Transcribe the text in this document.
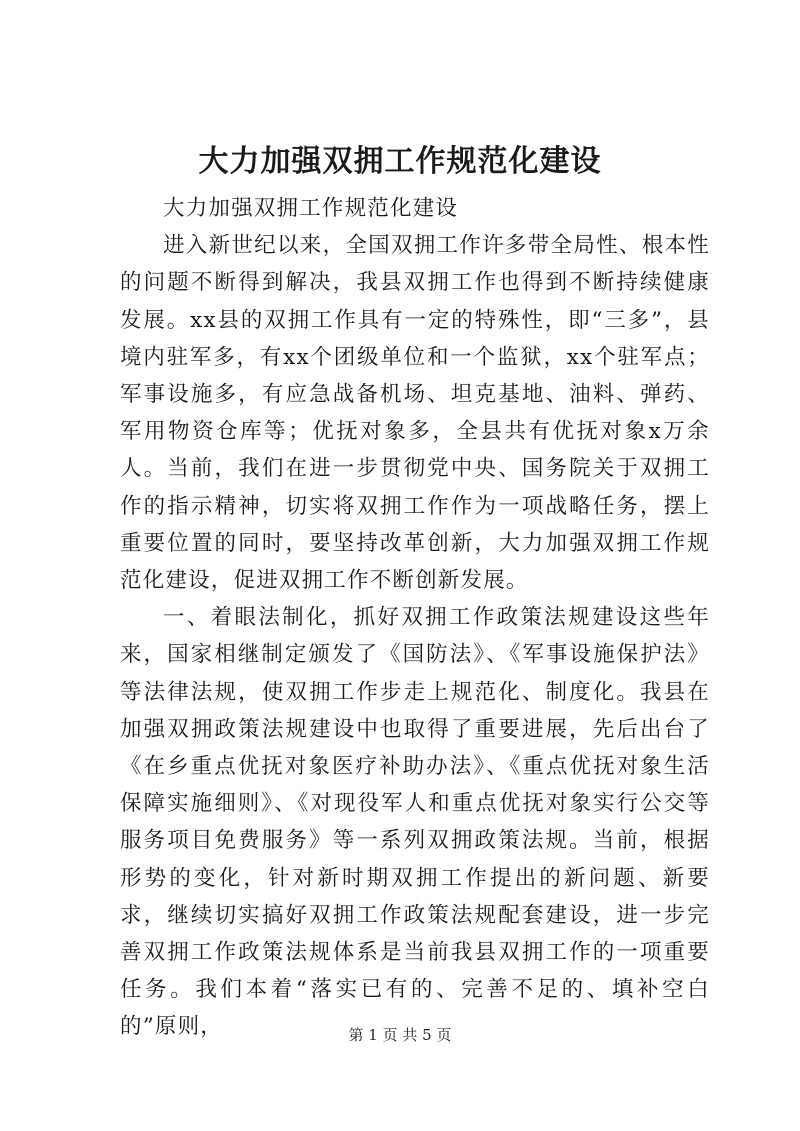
大力加强双拥工作规范化建设

大力加强双拥工作规范化建设

进入新世纪以来，全国双拥工作许多带全局性、根本性的问题不断得到解决，我县双拥工作也得到不断持续健康发展。xx县的双拥工作具有一定的特殊性，即“三多”，县境内驻军多，有xx个团级单位和一个监狱，xx个驻军点；军事设施多，有应急战备机场、坦克基地、油料、弹药、军用物资仓库等；优抚对象多，全县共有优抚对象x万余人。当前，我们在进一步贯彻党中央、国务院关于双拥工作的指示精神，切实将双拥工作作为一项战略任务，摆上重要位置的同时，要坚持改革创新，大力加强双拥工作规范化建设，促进双拥工作不断创新发展。

一、着眼法制化，抓好双拥工作政策法规建设这些年来，国家相继制定颁发了《国防法》、《军事设施保护法》等法律法规，使双拥工作步走上规范化、制度化。我县在加强双拥政策法规建设中也取得了重要进展，先后出台了《在乡重点优抚对象医疗补助办法》、《重点优抚对象生活保障实施细则》、《对现役军人和重点优抚对象实行公交等服务项目免费服务》等一系列双拥政策法规。当前，根据形势的变化，针对新时期双拥工作提出的新问题、新要求，继续切实搞好双拥工作政策法规配套建设，进一步完善双拥工作政策法规体系是当前我县双拥工作的一项重要任务。我们本着“落实已有的、完善不足的、填补空白的”原则，	第 1 页 共 5 页
